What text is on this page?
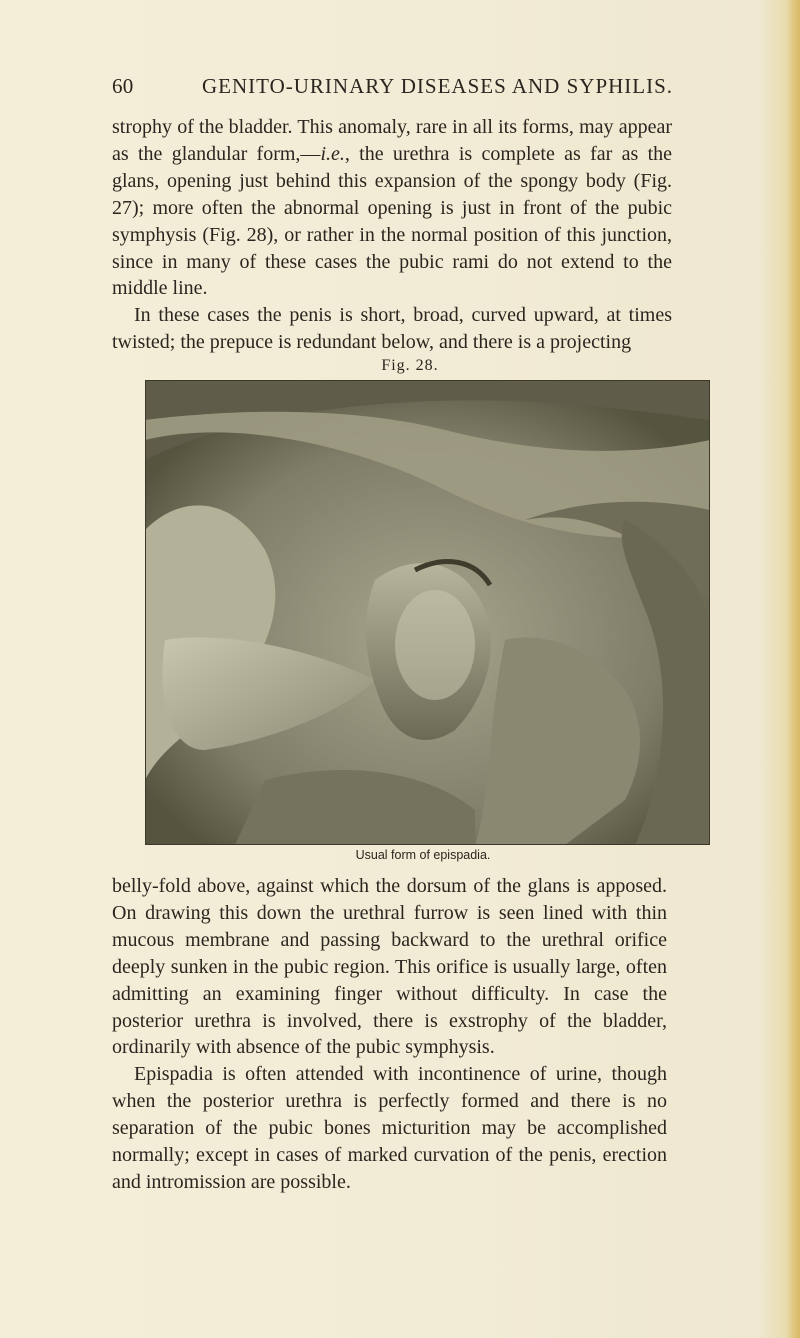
60	GENITO-URINARY DISEASES AND SYPHILIS.

strophy of the bladder. This anomaly, rare in all its forms, may appear as the glandular form,—i.e., the urethra is complete as far as the glans, opening just behind this expansion of the spongy body (Fig. 27); more often the abnormal opening is just in front of the pubic symphysis (Fig. 28), or rather in the normal position of this junction, since in many of these cases the pubic rami do not extend to the middle line.

In these cases the penis is short, broad, curved upward, at times twisted; the prepuce is redundant below, and there is a projecting

Fig. 28.
Usual form of epispadia.

belly-fold above, against which the dorsum of the glans is apposed. On drawing this down the urethral furrow is seen lined with thin mucous membrane and passing backward to the urethral orifice deeply sunken in the pubic region. This orifice is usually large, often admitting an examining finger without difficulty. In case the posterior urethra is involved, there is exstrophy of the bladder, ordinarily with absence of the pubic symphysis.

Epispadia is often attended with incontinence of urine, though when the posterior urethra is perfectly formed and there is no separation of the pubic bones micturition may be accomplished normally; except in cases of marked curvation of the penis, erection and intromission are possible.
